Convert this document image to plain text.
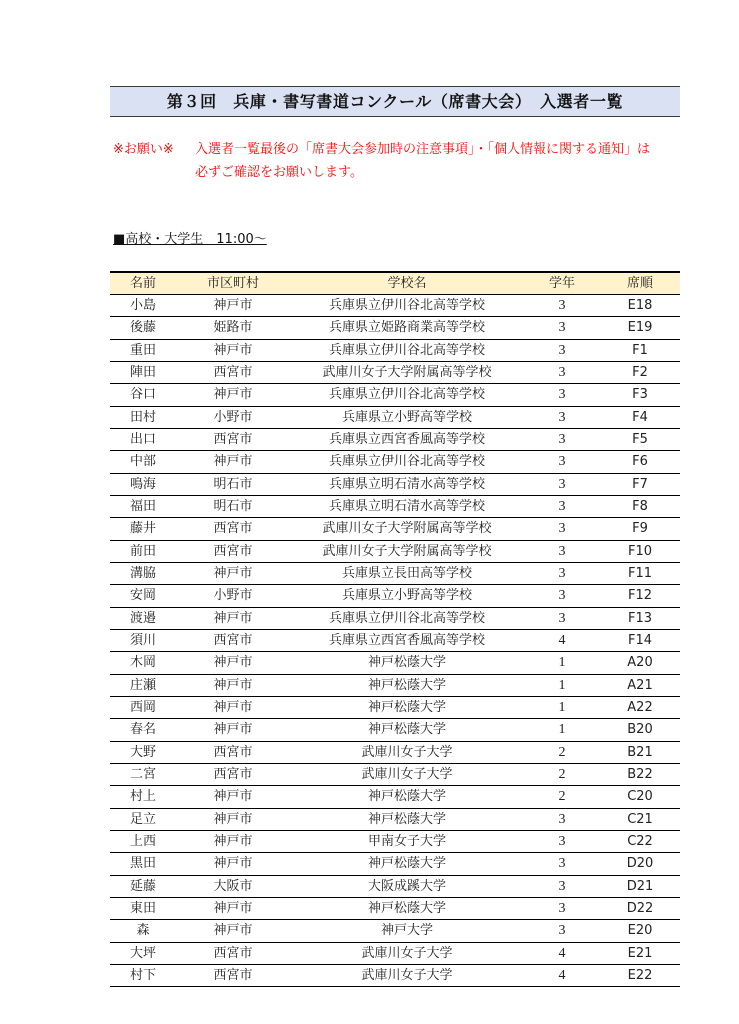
第３回　兵庫・書写書道コンクール（席書大会）　入選者一覧
※お願い※	入選者一覧最後の「席書大会参加時の注意事項」・「個人情報に関する通知」は
必ずご確認をお願いします。
■高校・大学生　11:00～
名前	市区町村	学校名	学年	席順
小島	神戸市	兵庫県立伊川谷北高等学校	3	E18
後藤	姫路市	兵庫県立姫路商業高等学校	3	E19
重田	神戸市	兵庫県立伊川谷北高等学校	3	F1
陣田	西宮市	武庫川女子大学附属高等学校	3	F2
谷口	神戸市	兵庫県立伊川谷北高等学校	3	F3
田村	小野市	兵庫県立小野高等学校	3	F4
出口	西宮市	兵庫県立西宮香風高等学校	3	F5
中部	神戸市	兵庫県立伊川谷北高等学校	3	F6
鳴海	明石市	兵庫県立明石清水高等学校	3	F7
福田	明石市	兵庫県立明石清水高等学校	3	F8
藤井	西宮市	武庫川女子大学附属高等学校	3	F9
前田	西宮市	武庫川女子大学附属高等学校	3	F10
溝脇	神戸市	兵庫県立長田高等学校	3	F11
安岡	小野市	兵庫県立小野高等学校	3	F12
渡邉	神戸市	兵庫県立伊川谷北高等学校	3	F13
須川	西宮市	兵庫県立西宮香風高等学校	4	F14
木岡	神戸市	神戸松蔭大学	1	A20
庄瀬	神戸市	神戸松蔭大学	1	A21
西岡	神戸市	神戸松蔭大学	1	A22
春名	神戸市	神戸松蔭大学	1	B20
大野	西宮市	武庫川女子大学	2	B21
二宮	西宮市	武庫川女子大学	2	B22
村上	神戸市	神戸松蔭大学	2	C20
足立	神戸市	神戸松蔭大学	3	C21
上西	神戸市	甲南女子大学	3	C22
黒田	神戸市	神戸松蔭大学	3	D20
延藤	大阪市	大阪成蹊大学	3	D21
東田	神戸市	神戸松蔭大学	3	D22
森	神戸市	神戸大学	3	E20
大坪	西宮市	武庫川女子大学	4	E21
村下	西宮市	武庫川女子大学	4	E22
